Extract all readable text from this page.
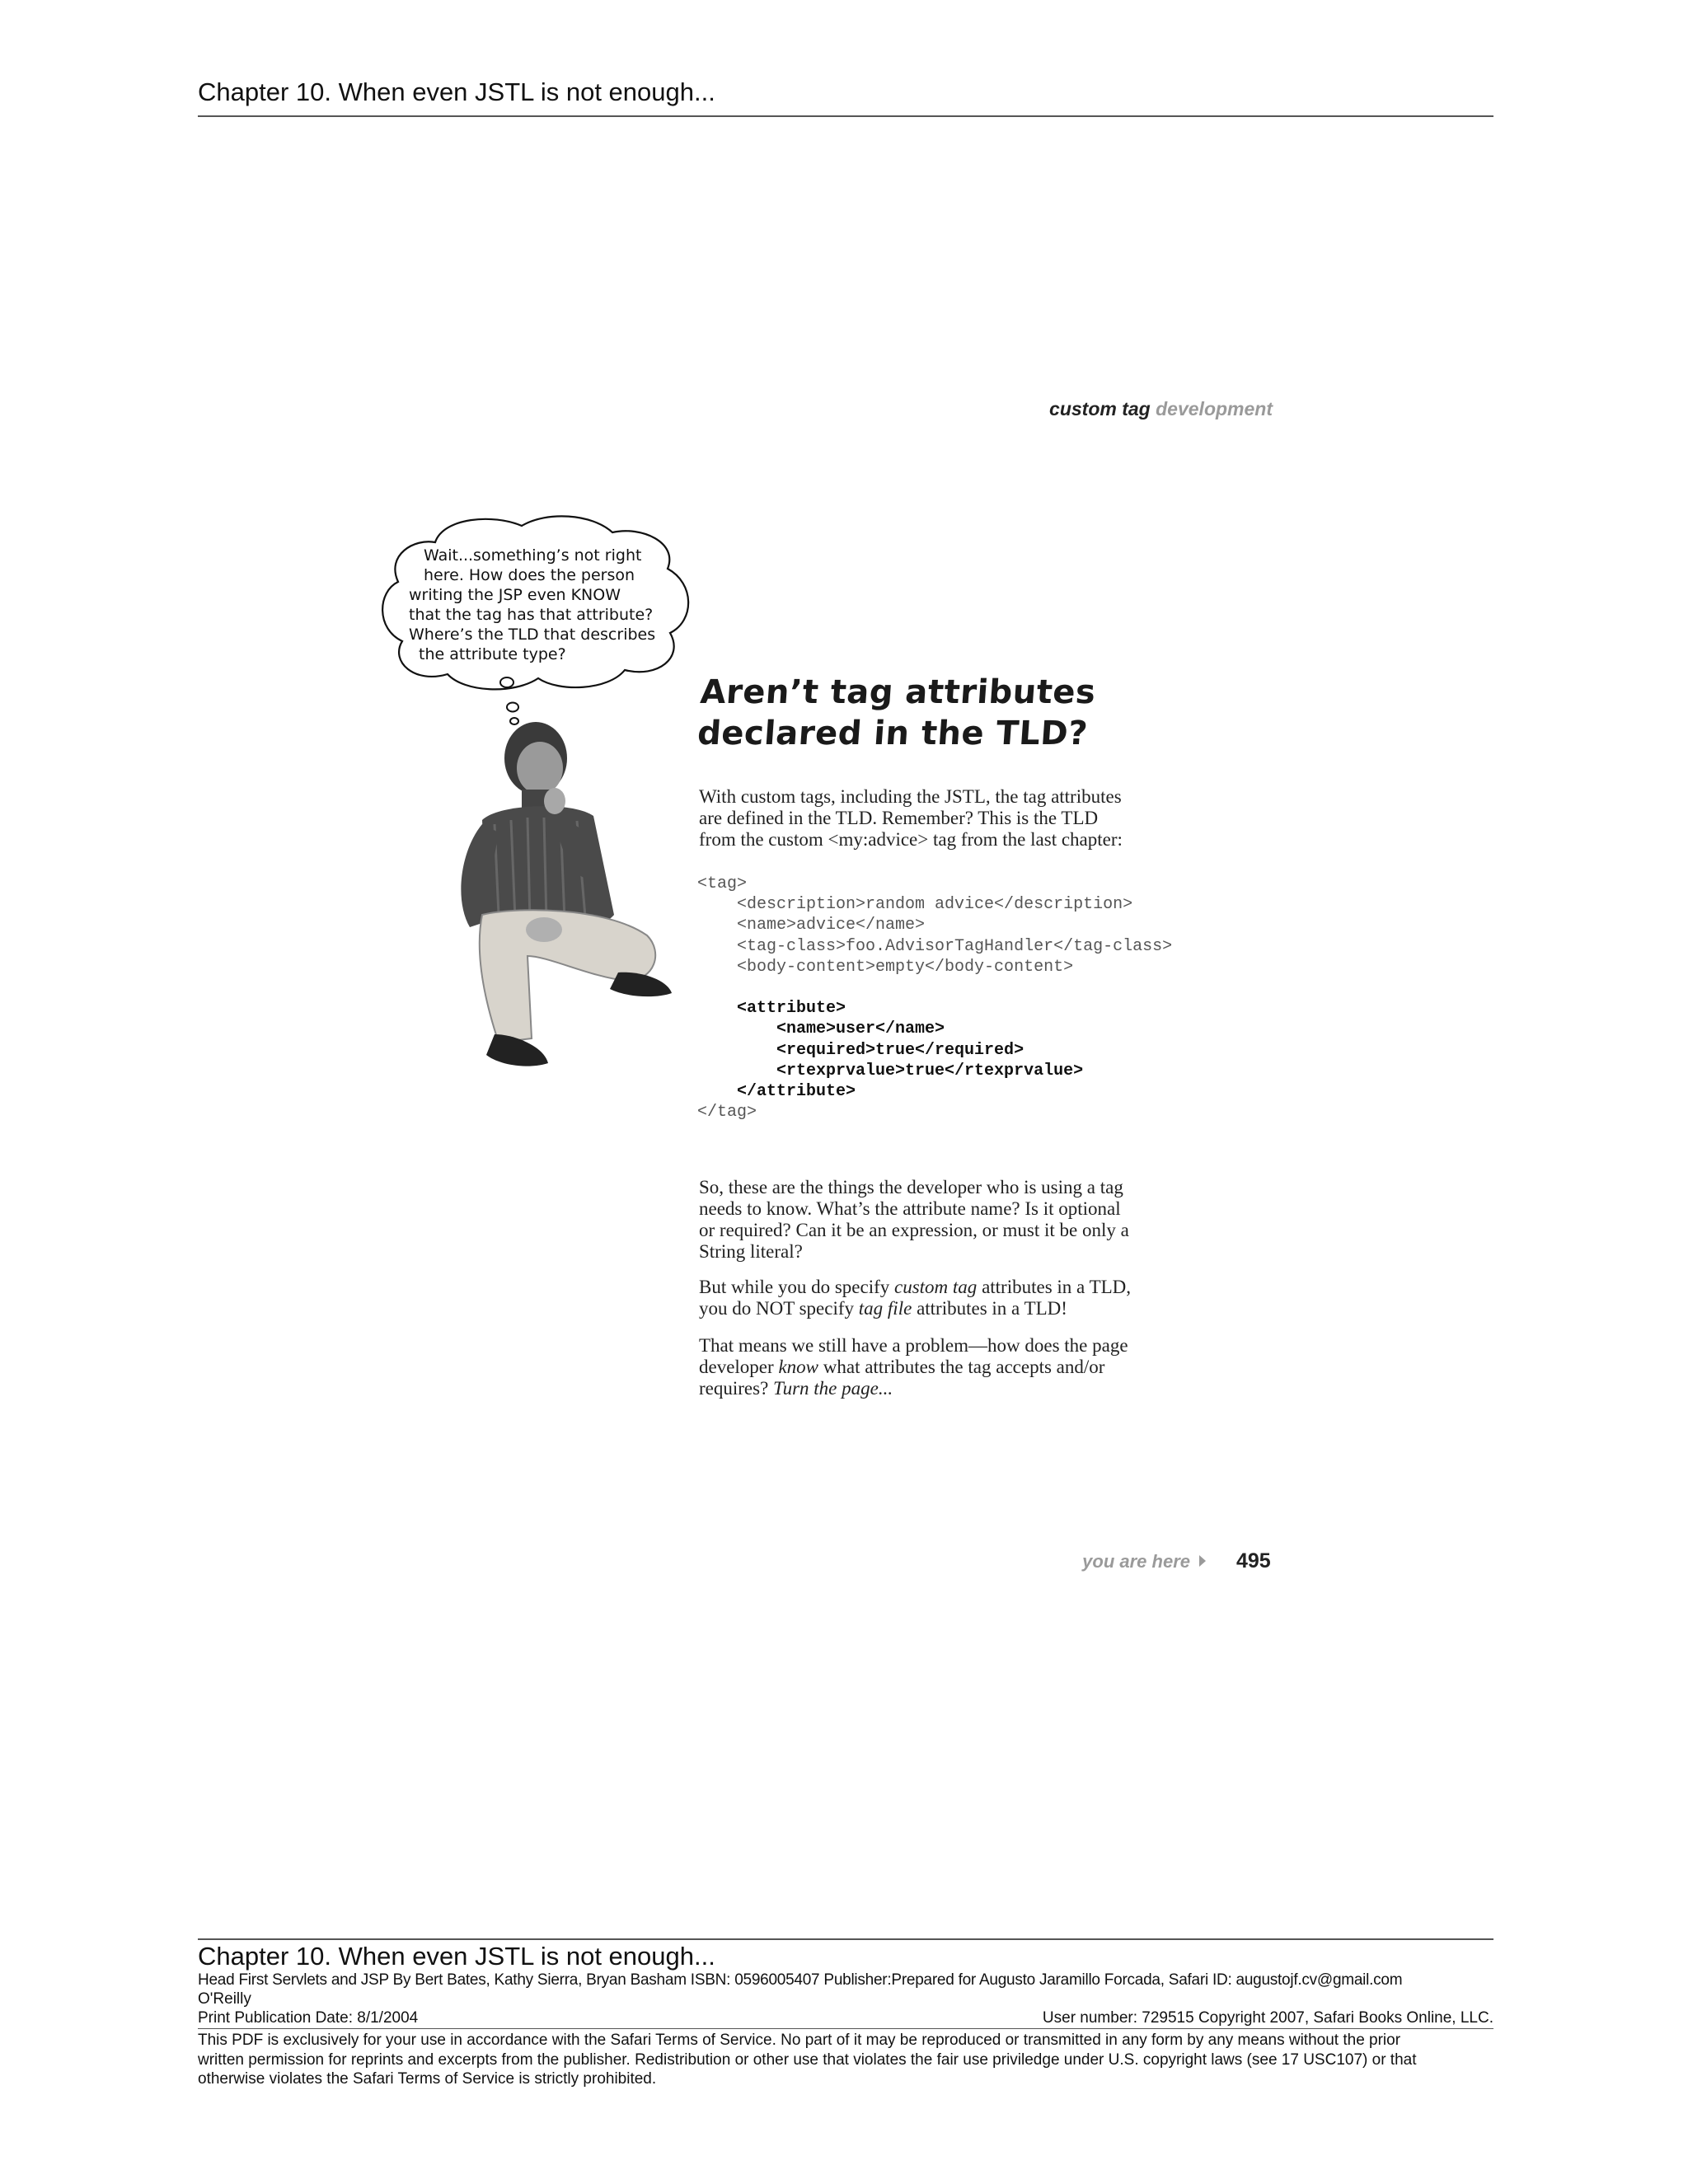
Chapter 10. When even JSTL is not enough...
custom tag development
Wait...something’s not right
here. How does the person
writing the JSP even KNOW
that the tag has that attribute?
Where’s the TLD that describes
the attribute type?
Aren’t tag attributes
declared in the TLD?
With custom tags, including the JSTL, the tag attributes
are defined in the TLD. Remember? This is the TLD
from the custom <my:advice> tag from the last chapter:
<tag>
<description>random advice</description>
<name>advice</name>
<tag-class>foo.AdvisorTagHandler</tag-class>
<body-content>empty</body-content>
<attribute>
<name>user</name>
<required>true</required>
<rtexprvalue>true</rtexprvalue>
</attribute>
</tag>
So, these are the things the developer who is using a tag
needs to know. What’s the attribute name? Is it optional
or required? Can it be an expression, or must it be only a
String literal?
But while you do specify custom tag attributes in a TLD,
you do NOT specify tag file attributes in a TLD!
That means we still have a problem—how does the page
developer know what attributes the tag accepts and/or
requires? Turn the page...
you are here 495
Chapter 10. When even JSTL is not enough...
Head First Servlets and JSP By Bert Bates, Kathy Sierra, Bryan Basham ISBN: 0596005407 Publisher:Prepared for Augusto Jaramillo Forcada, Safari ID: augustojf.cv@gmail.com
O'Reilly
Print Publication Date: 8/1/2004	User number: 729515 Copyright 2007, Safari Books Online, LLC.
This PDF is exclusively for your use in accordance with the Safari Terms of Service. No part of it may be reproduced or transmitted in any form by any means without the prior
written permission for reprints and excerpts from the publisher. Redistribution or other use that violates the fair use priviledge under U.S. copyright laws (see 17 USC107) or that
otherwise violates the Safari Terms of Service is strictly prohibited.
